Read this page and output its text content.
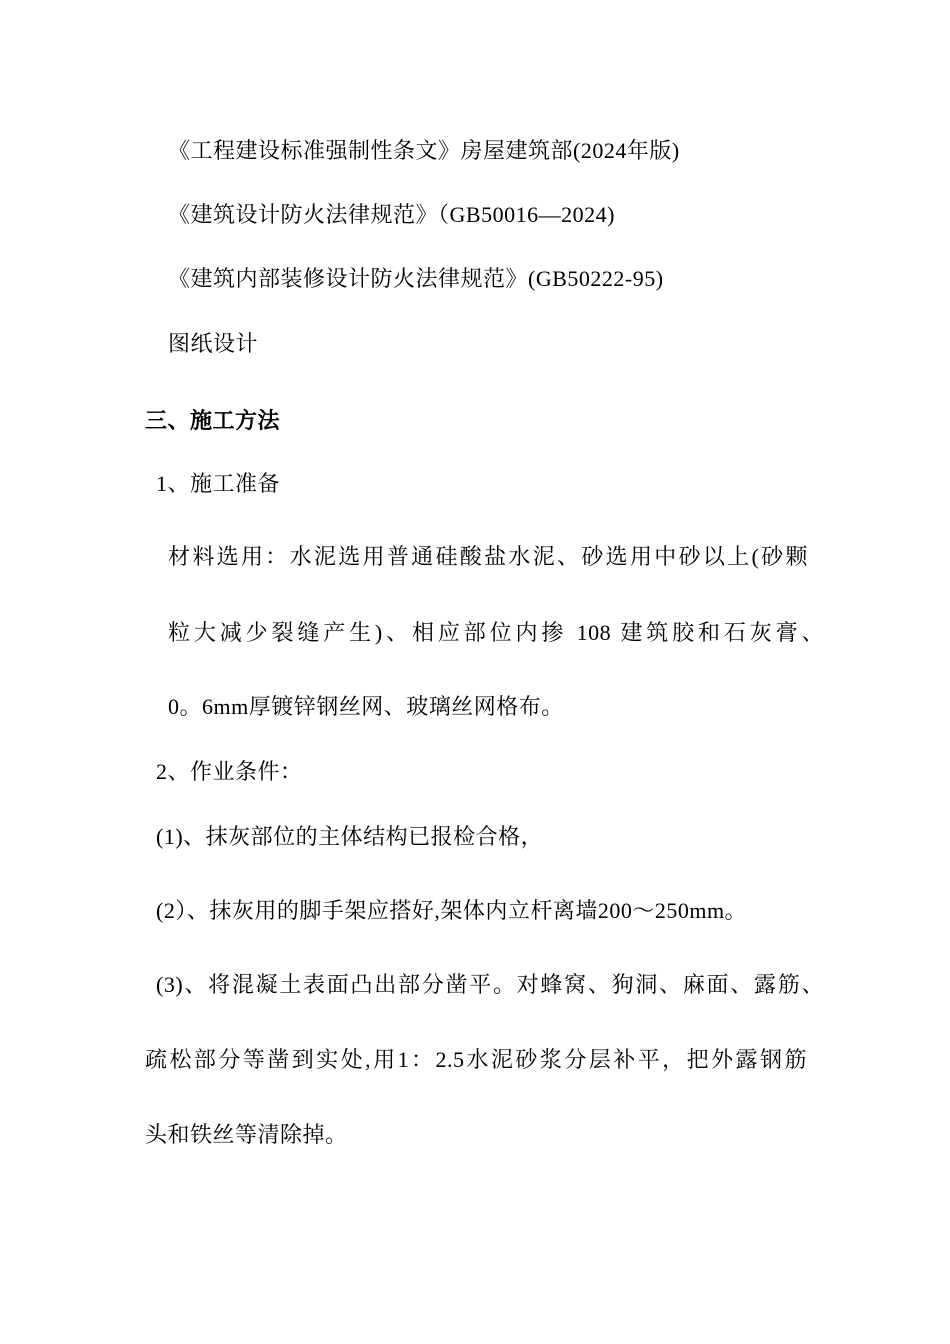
《工程建设标准强制性条文》房屋建筑部(2024年版)
《建筑设计防火法律规范》（GB50016—2024)
《建筑内部装修设计防火法律规范》(GB50222-95)
图纸设计
三、施工方法
1、施工准备
材料选用：水泥选用普通硅酸盐水泥、砂选用中砂以上(砂颗
粒大减少裂缝产生)、相应部位内掺 108 建筑胶和石灰膏、
0。6mm厚镀锌钢丝网、玻璃丝网格布。
2、作业条件：
(1)、抹灰部位的主体结构已报检合格，
(2）、抹灰用的脚手架应搭好,架体内立杆离墙200～250mm。
(3)、将混凝土表面凸出部分凿平。对蜂窝、狗洞、麻面、露筋、
疏松部分等凿到实处,用1：2.5水泥砂浆分层补平，把外露钢筋
头和铁丝等清除掉。
